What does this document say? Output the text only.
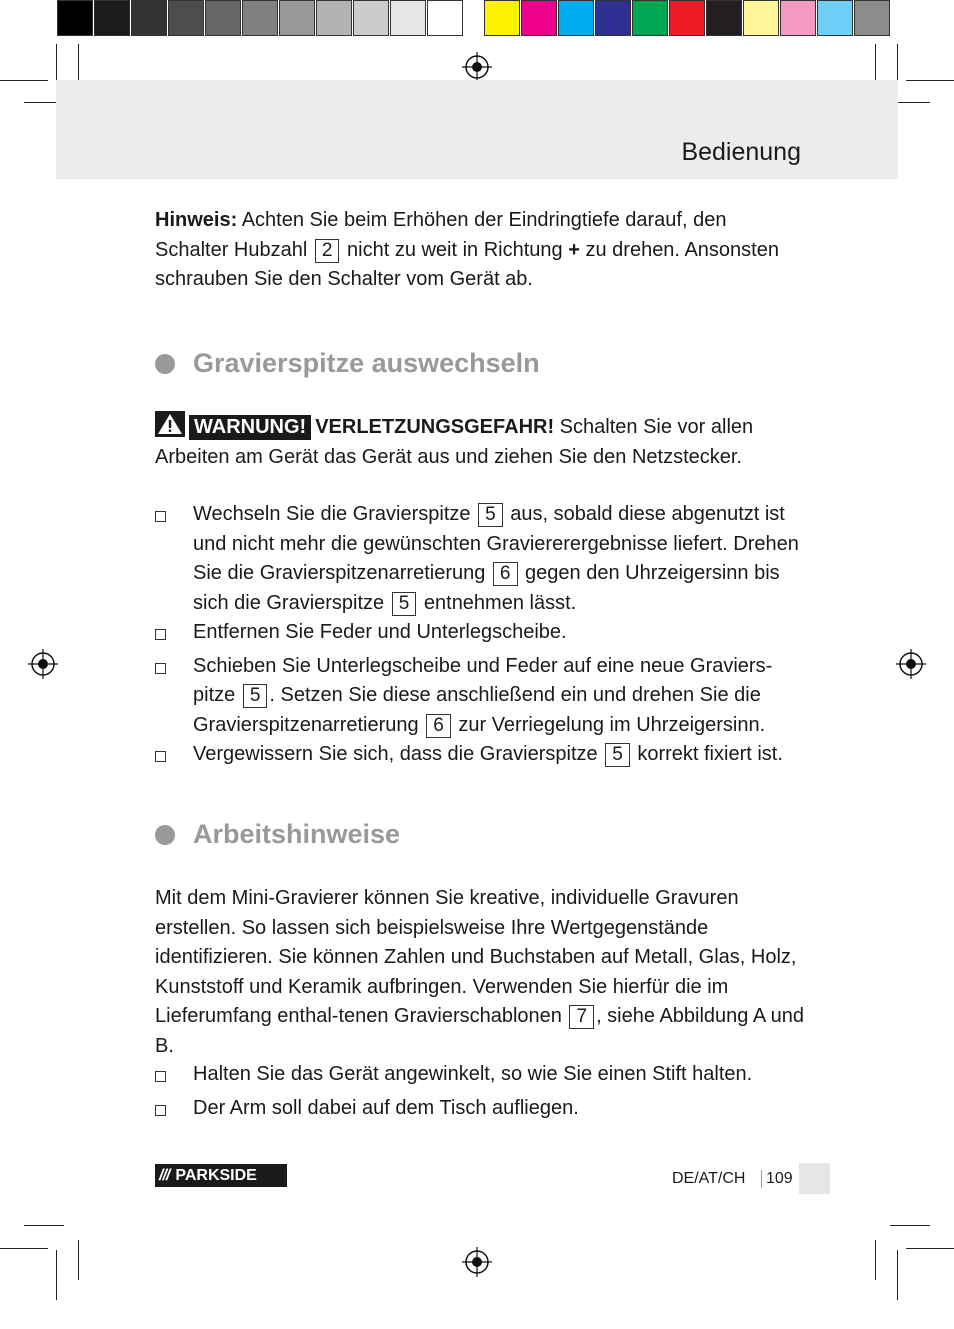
Bedienung
Hinweis: Achten Sie beim Erhöhen der Eindringtiefe darauf, den Schalter Hubzahl 2 nicht zu weit in Richtung + zu drehen. Ansonsten schrauben Sie den Schalter vom Gerät ab.
Gravierspitze auswechseln
WARNUNG! VERLETZUNGSGEFAHR! Schalten Sie vor allen Arbeiten am Gerät das Gerät aus und ziehen Sie den Netzstecker.
Wechseln Sie die Gravierspitze 5 aus, sobald diese abgenutzt ist und nicht mehr die gewünschten Graviererergebnisse liefert. Drehen Sie die Gravierspitzenarretierung 6 gegen den Uhrzeigersinn bis sich die Gravierspitze 5 entnehmen lässt.
Entfernen Sie Feder und Unterlegscheibe.
Schieben Sie Unterlegscheibe und Feder auf eine neue Graviers-pitze 5 . Setzen Sie diese anschließend ein und drehen Sie die Gravierspitzenarretierung 6 zur Verriegelung im Uhrzeigersinn.
Vergewissern Sie sich, dass die Gravierspitze 5 korrekt fixiert ist.
Arbeitshinweise
Mit dem Mini-Gravierer können Sie kreative, individuelle Gravuren erstellen. So lassen sich beispielsweise Ihre Wertgegenstände identifizieren. Sie können Zahlen und Buchstaben auf Metall, Glas, Holz, Kunststoff und Keramik aufbringen. Verwenden Sie hierfür die im Lieferumfang enthal-tenen Gravierschablonen 7 , siehe Abbildung A und B.
Halten Sie das Gerät angewinkelt, so wie Sie einen Stift halten.
Der Arm soll dabei auf dem Tisch aufliegen.
/// PARKSIDE	DE/AT/CH	109
